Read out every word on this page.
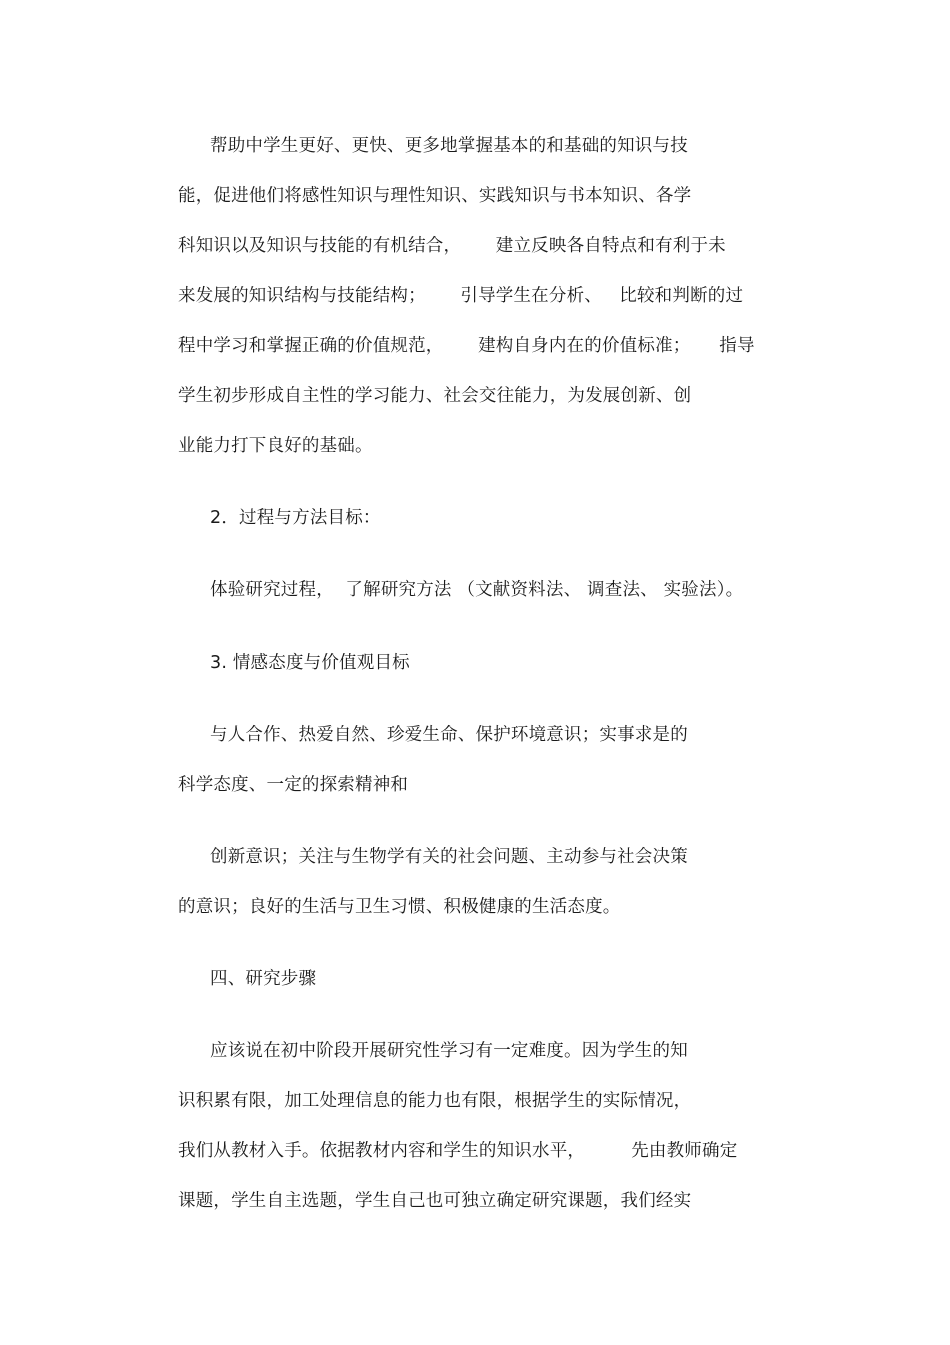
帮助中学生更好、更快、更多地掌握基本的和基础的知识与技
能，促进他们将感性知识与理性知识、实践知识与书本知识、各学
科知识以及知识与技能的有机结合，      建立反映各自特点和有利于未
来发展的知识结构与技能结构；      引导学生在分析、   比较和判断的过
程中学习和掌握正确的价值规范，      建构自身内在的价值标准；     指导
学生初步形成自主性的学习能力、社会交往能力，为发展创新、创
业能力打下良好的基础。
2．过程与方法目标：
体验研究过程，  了解研究方法 （文献资料法、 调查法、 实验法）。
3. 情感态度与价值观目标
与人合作、热爱自然、珍爱生命、保护环境意识；实事求是的
科学态度、一定的探索精神和
创新意识；关注与生物学有关的社会问题、主动参与社会决策
的意识；良好的生活与卫生习惯、积极健康的生活态度。
四、研究步骤
应该说在初中阶段开展研究性学习有一定难度。因为学生的知
识积累有限，加工处理信息的能力也有限，根据学生的实际情况，
我们从教材入手。依据教材内容和学生的知识水平，        先由教师确定
课题，学生自主选题，学生自己也可独立确定研究课题，我们经实
